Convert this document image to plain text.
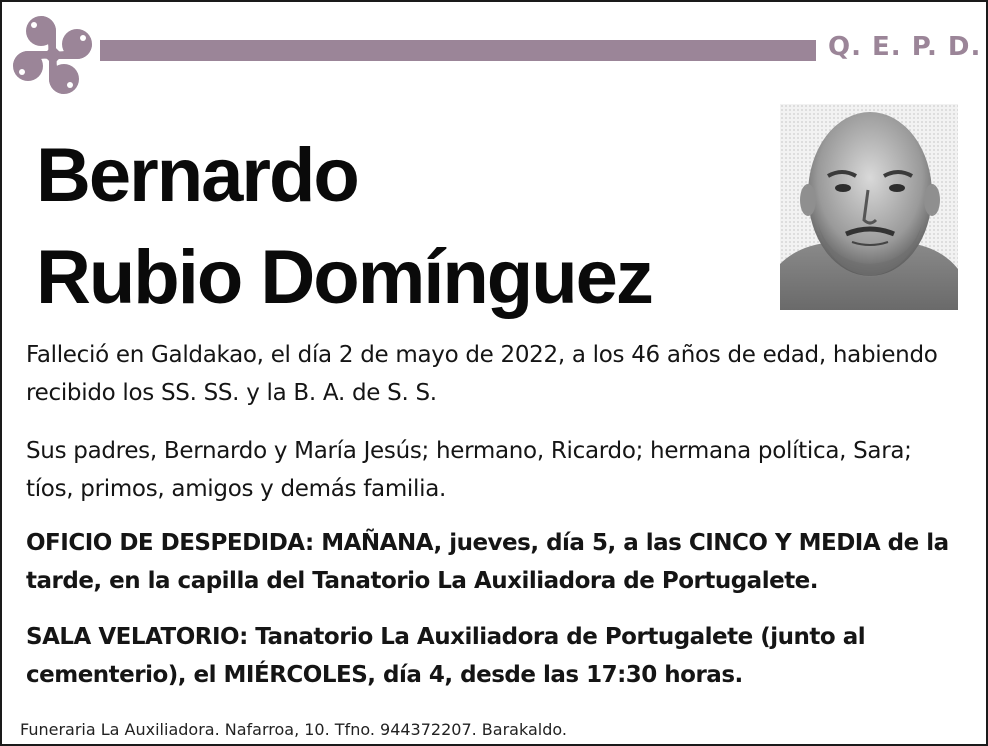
Q. E. P. D.
Bernardo
Rubio Domínguez

Falleció en Galdakao, el día 2 de mayo de 2022, a los 46 años de edad, habiendo recibido los SS. SS. y la B. A. de S. S.

Sus padres, Bernardo y María Jesús; hermano, Ricardo; hermana política, Sara; tíos, primos, amigos y demás familia.

OFICIO DE DESPEDIDA: MAÑANA, jueves, día 5, a las CINCO Y MEDIA de la tarde, en la capilla del Tanatorio La Auxiliadora de Portugalete.

SALA VELATORIO: Tanatorio La Auxiliadora de Portugalete (junto al cementerio), el MIÉRCOLES, día 4, desde las 17:30 horas.

Funeraria La Auxiliadora. Nafarroa, 10. Tfno. 944372207. Barakaldo.
